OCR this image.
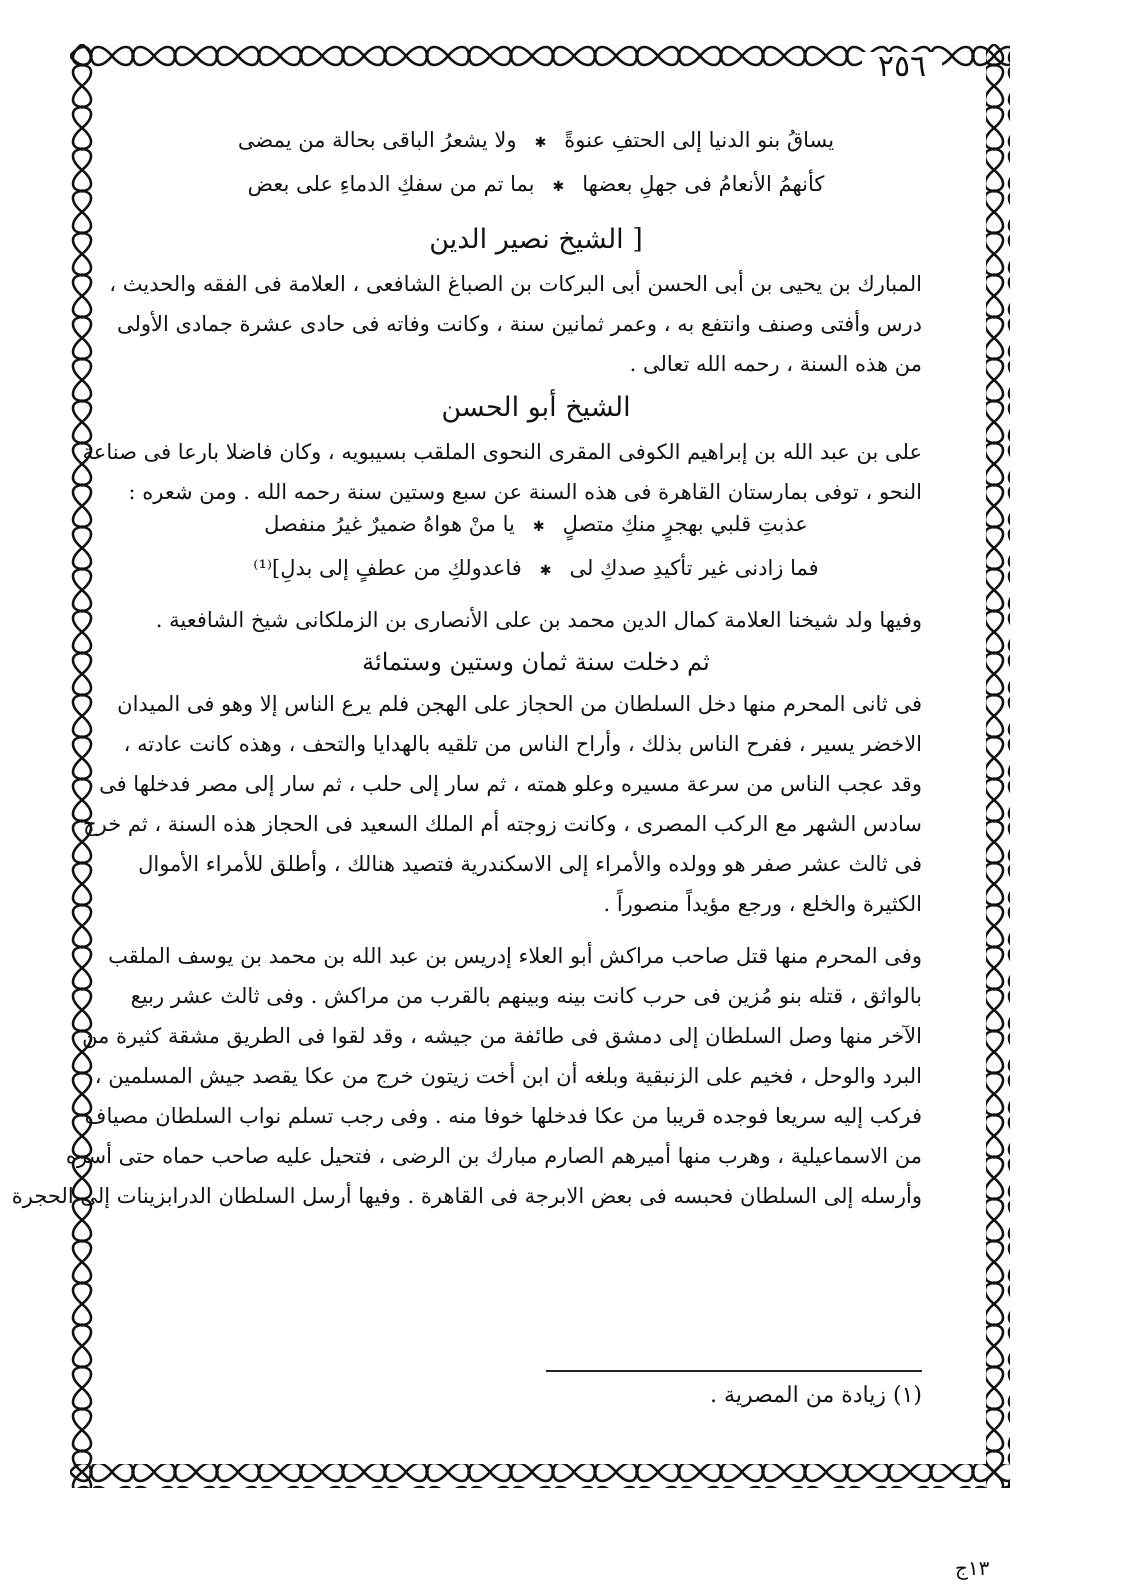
٢٥٦
يساقُ بنو الدنيا إلى الحتفِ عنوةً
✱
ولا يشعرُ الباقى بحالة من يمضى
كأنهمُ الأنعامُ فى جهلِ بعضها
✱
بما تم من سفكِ الدماءِ على بعض
[ الشيخ نصير الدين
المبارك بن يحيى بن أبى الحسن أبى البركات بن الصباغ الشافعى ، العلامة فى الفقه والحديث ،
درس وأفتى وصنف وانتفع به ، وعمر ثمانين سنة ، وكانت وفاته فى حادى عشرة جمادى الأولى
من هذه السنة ، رحمه الله تعالى .
الشيخ أبو الحسن
على بن عبد الله بن إبراهيم الكوفى المقرى النحوى الملقب بسيبويه ، وكان فاضلا بارعا فى صناعة
النحو ، توفى بمارستان القاهرة فى هذه السنة عن سبع وستين سنة رحمه الله . ومن شعره :
عذبتِ قلبي بهجرٍ منكِ متصلٍ
✱
يا منْ هواهُ ضميرٌ غيرُ منفصل
فما زادنى غير تأكيدِ صدكِ لى
✱
فاعدولكِ من عطفٍ إلى بدلِ]⁽¹⁾
وفيها ولد شيخنا العلامة كمال الدين محمد بن على الأنصارى بن الزملكانى شيخ الشافعية .
ثم دخلت سنة ثمان وستين وستمائة
فى ثانى المحرم منها دخل السلطان من الحجاز على الهجن فلم يرع الناس إلا وهو فى الميدان
الاخضر يسير ، ففرح الناس بذلك ، وأراح الناس من تلقيه بالهدايا والتحف ، وهذه كانت عادته ،
وقد عجب الناس من سرعة مسيره وعلو همته ، ثم سار إلى حلب ، ثم سار إلى مصر فدخلها فى
سادس الشهر مع الركب المصرى ، وكانت زوجته أم الملك السعيد فى الحجاز هذه السنة ، ثم خرج
فى ثالث عشر صفر هو وولده والأمراء إلى الاسكندرية فتصيد هنالك ، وأطلق للأمراء الأموال
الكثيرة والخلع ، ورجع مؤيداً منصوراً .
وفى المحرم منها قتل صاحب مراكش أبو العلاء إدريس بن عبد الله بن محمد بن يوسف الملقب
بالواثق ، قتله بنو مُزين فى حرب كانت بينه وبينهم بالقرب من مراكش . وفى ثالث عشر ربيع
الآخر منها وصل السلطان إلى دمشق فى طائفة من جيشه ، وقد لقوا فى الطريق مشقة كثيرة من
البرد والوحل ، فخيم على الزنبقية وبلغه أن ابن أخت زيتون خرج من عكا يقصد جيش المسلمين ،
فركب إليه سريعا فوجده قريبا من عكا فدخلها خوفا منه . وفى رجب تسلم نواب السلطان مصياف
من الاسماعيلية ، وهرب منها أميرهم الصارم مبارك بن الرضى ، فتحيل عليه صاحب حماه حتى أسره
وأرسله إلى السلطان فحبسه فى بعض الابرجة فى القاهرة . وفيها أرسل السلطان الدرابزينات إلى الحجرة
(١) زيادة من المصرية .
١٣ج
